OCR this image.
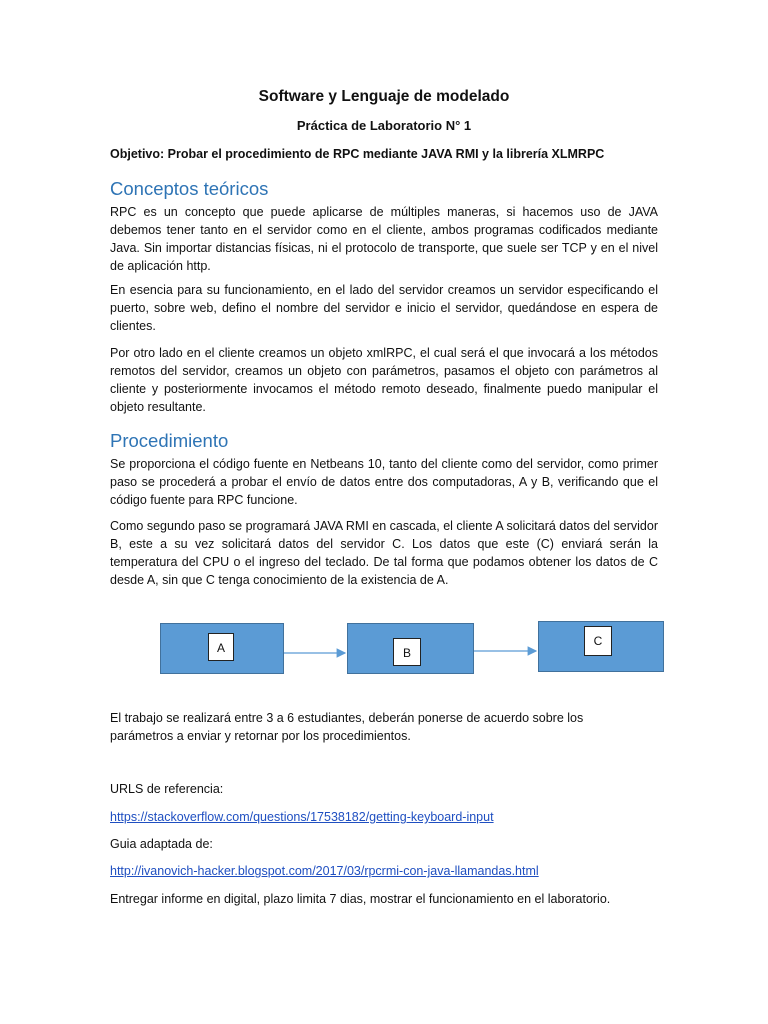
Software y Lenguaje de modelado
Práctica de Laboratorio N° 1

Objetivo: Probar el procedimiento de RPC mediante JAVA RMI y la librería XLMRPC

Conceptos teóricos

RPC es un concepto que puede aplicarse de múltiples maneras, si hacemos uso de JAVA debemos tener tanto en el servidor como en el cliente, ambos programas codificados mediante Java. Sin importar distancias físicas, ni el protocolo de transporte, que suele ser TCP y en el nivel de aplicación http.

En esencia para su funcionamiento, en el lado del servidor creamos un servidor especificando el puerto, sobre web, defino el nombre del servidor e inicio el servidor, quedándose en espera de clientes.

Por otro lado en el cliente creamos un objeto xmlRPC, el cual será el que invocará a los métodos remotos del servidor, creamos un objeto con parámetros, pasamos el objeto con parámetros al cliente y posteriormente invocamos el método remoto deseado, finalmente puedo manipular el objeto resultante.

Procedimiento

Se proporciona el código fuente en Netbeans 10, tanto del cliente como del servidor, como primer paso se procederá a probar el envío de datos entre dos computadoras, A y B, verificando que el código fuente para RPC funcione.

Como segundo paso se programará JAVA RMI en cascada, el cliente A solicitará datos del servidor B, este a su vez solicitará datos del servidor C. Los datos que este (C) enviará serán la temperatura del CPU o el ingreso del teclado. De tal forma que podamos obtener los datos de C desde A, sin que C tenga conocimiento de la existencia de A.

A	B
C

El trabajo se realizará entre 3 a 6 estudiantes, deberán ponerse de acuerdo sobre los parámetros a enviar y retornar por los procedimientos.

URLS de referencia:

https://stackoverflow.com/questions/17538182/getting-keyboard-input

Guia adaptada de:

http://ivanovich-hacker.blogspot.com/2017/03/rpcrmi-con-java-llamandas.html

Entregar informe en digital, plazo limita 7 dias, mostrar el funcionamiento en el laboratorio.
